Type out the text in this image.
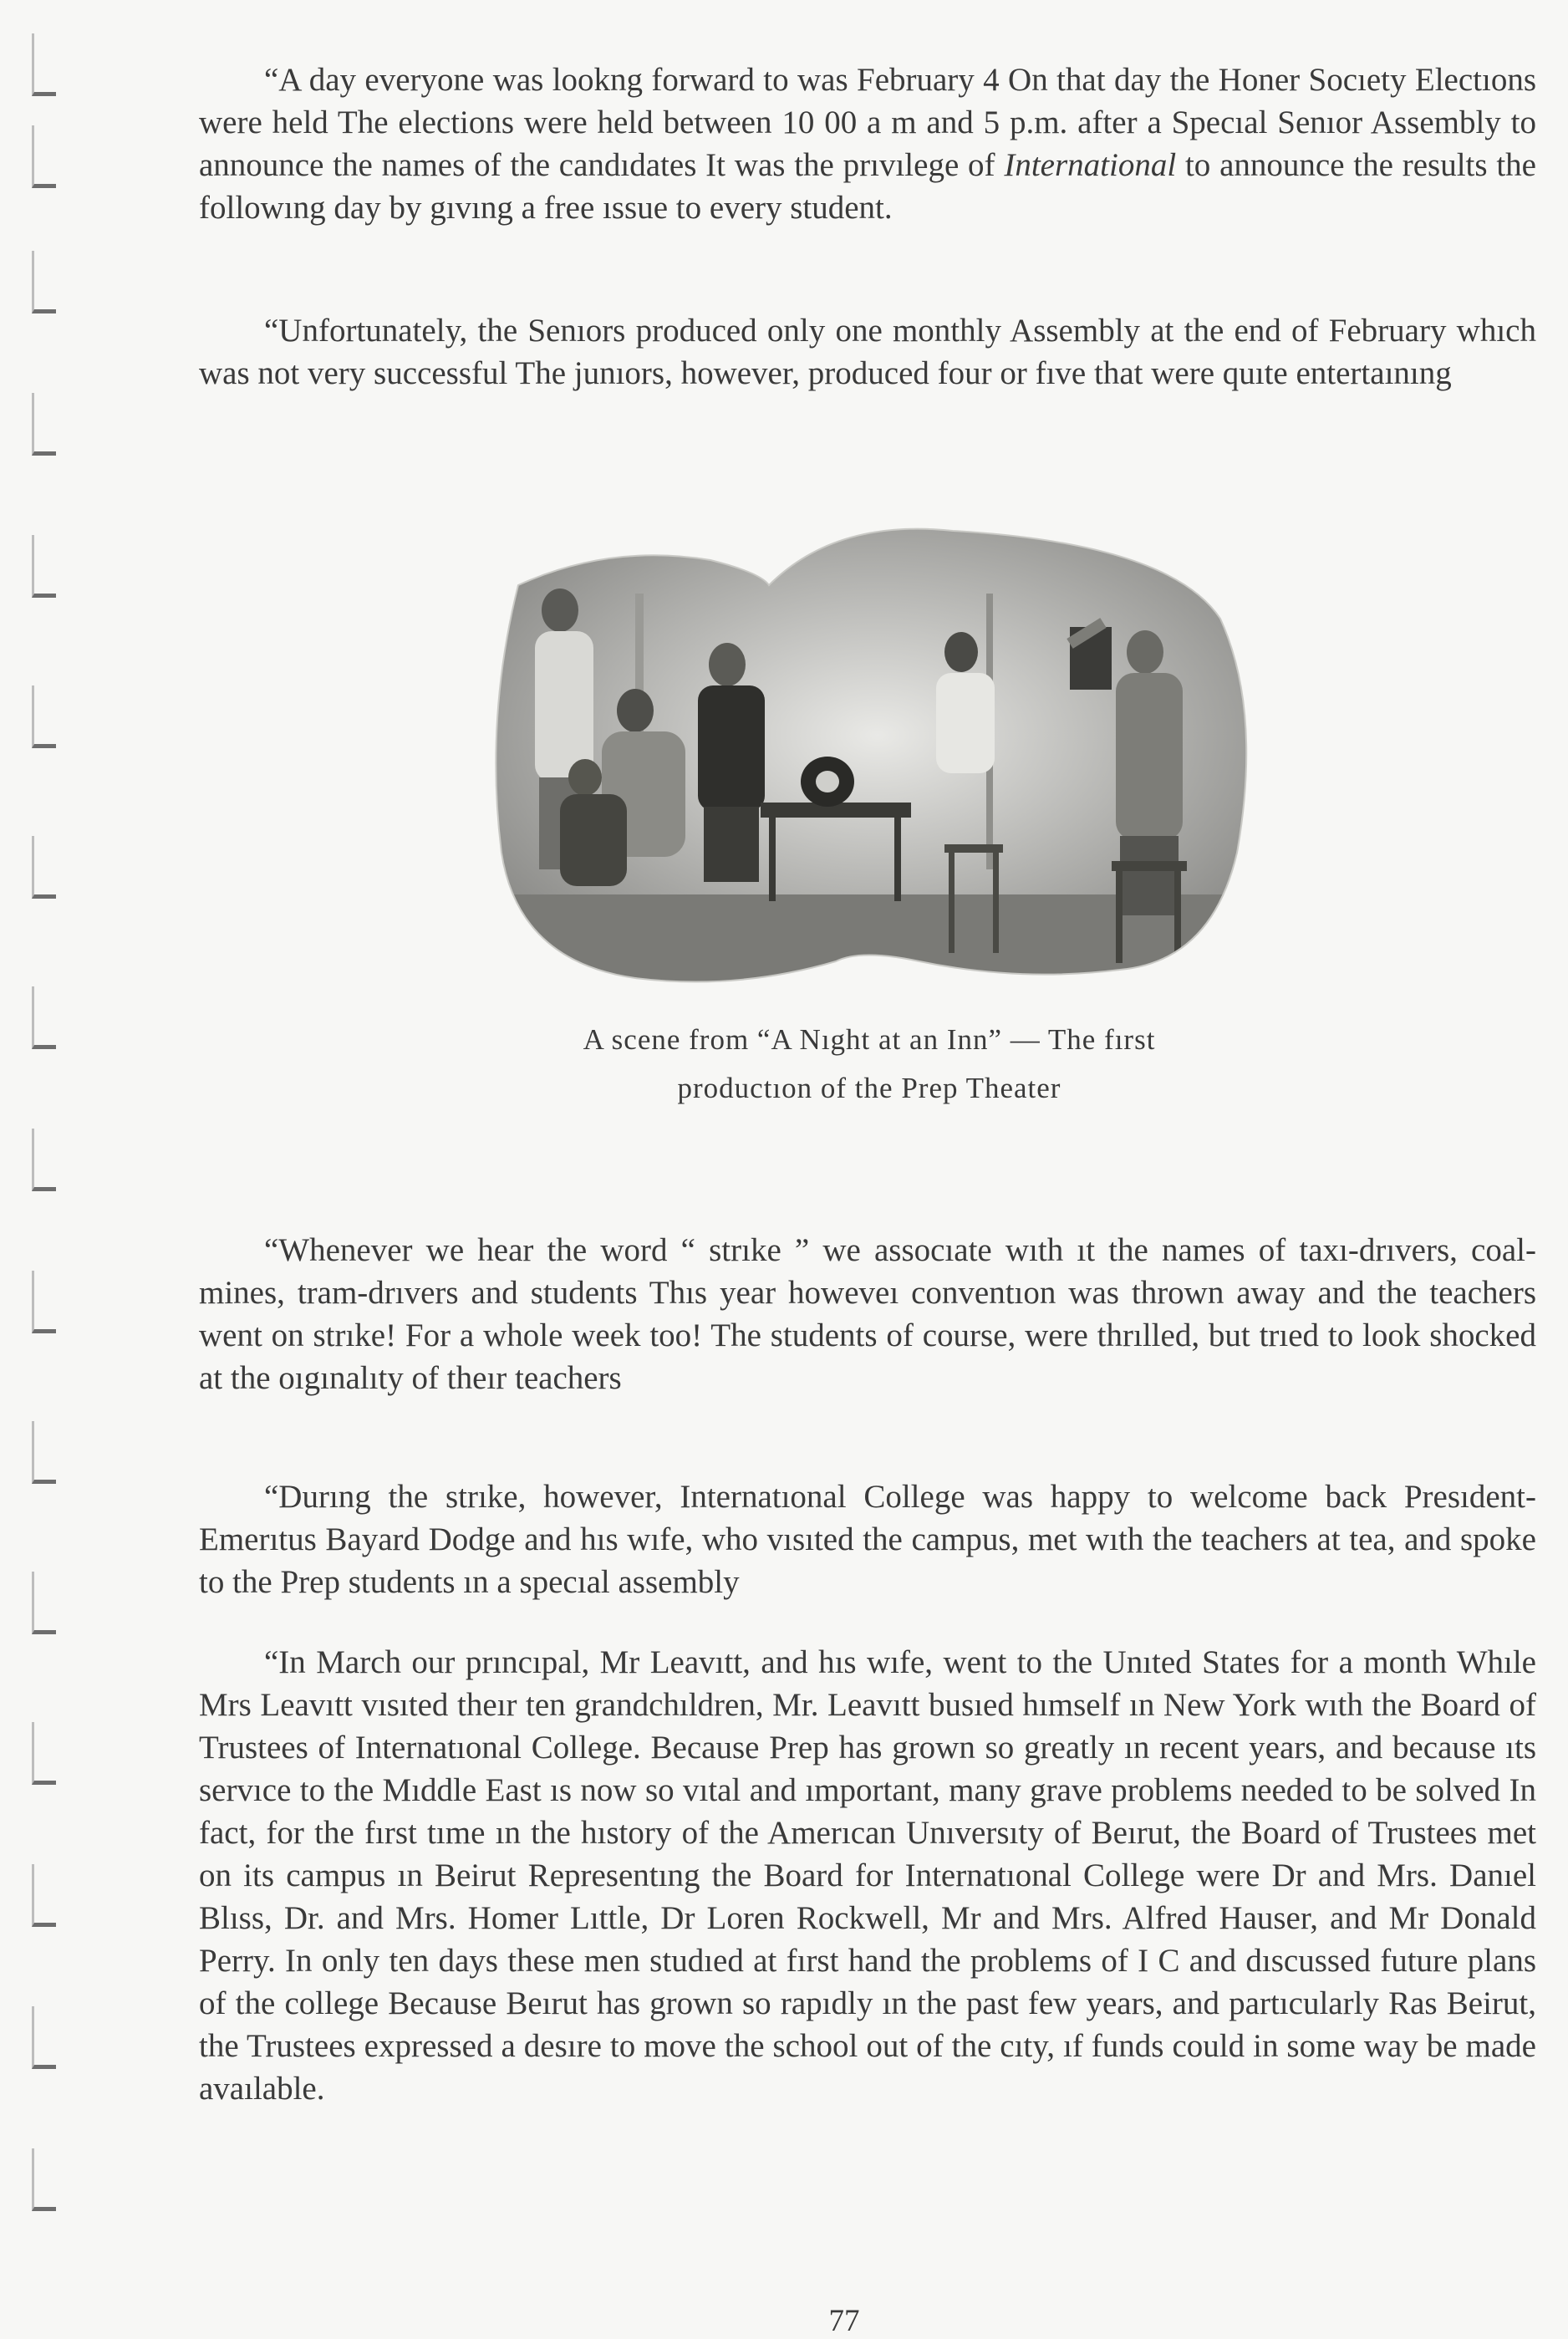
“A day everyone was lookng forward to was February 4 On that day the Honer Socıety Electıons were held The elections were held between 10 00 a m and 5 p.m. after a Specıal Senıor Assembly to announce the names of the candıdates It was the prıvılege of International to announce the results the followıng day by gıvıng a free ıssue to every student.

“Unfortunately, the Senıors produced only one monthly Assembly at the end of February whıch was not very successful The junıors, however, produced four or fıve that were quıte entertaınıng

A scene from “A Nıght at an Inn” — The fırst

productıon of the Prep Theater

“Whenever we hear the word “ strıke ” we assocıate wıth ıt the names of taxı-drıvers, coal-mines, tram-drıvers and students Thıs year howeveı conventıon was thrown away and the teachers went on strıke! For a whole week too! The students of course, were thrılled, but trıed to look shocked at the oıgınalıty of theır teachers

“Durıng the strıke, however, Internatıonal College was happy to welcome back Presıdent-Emerıtus Bayard Dodge and hıs wıfe, who vısıted the campus, met wıth the teachers at tea, and spoke to the Prep students ın a specıal assembly

“In March our prıncıpal, Mr Leavıtt, and hıs wıfe, went to the Unıted States for a month Whıle Mrs Leavıtt vısıted theır ten grandchıldren, Mr. Leavıtt busıed hımself ın New York wıth the Board of Trustees of Internatıonal College. Because Prep has grown so greatly ın recent years, and because ıts servıce to the Mıddle East ıs now so vıtal and ımportant, many grave problems needed to be solved In fact, for the fırst tıme ın the hıstory of the Amerıcan Unıversıty of Beırut, the Board of Trustees met on its campus ın Beirut Representıng the Board for Internatıonal College were Dr and Mrs. Danıel Blıss, Dr. and Mrs. Homer Lıttle, Dr Loren Rockwell, Mr and Mrs. Alfred Hauser, and Mr Donald Perry. In only ten days these men studıed at fırst hand the problems of I C and dıscussed future plans of the college Because Beırut has grown so rapıdly ın the past few years, and partıcularly Ras Beirut, the Trustees expressed a desıre to move the school out of the cıty, ıf funds could in some way be made avaılable.

77
